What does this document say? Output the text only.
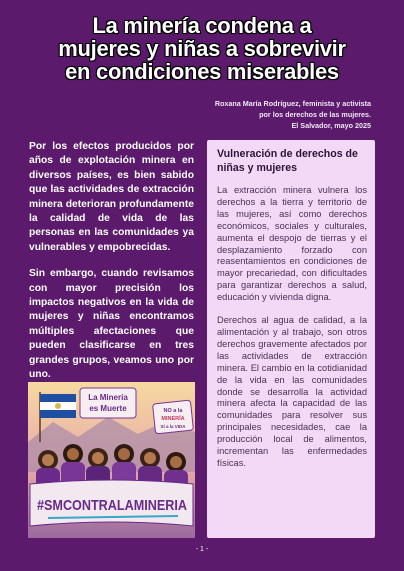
La minería condena a
mujeres y niñas a sobrevivir
en condiciones miserables
Roxana María Rodríguez, feminista y activista
por los derechos de las mujeres.
El Salvador, mayo 2025

Por los efectos producidos por años de explotación minera en diversos países, es bien sabido que las actividades de extracción minera deterioran profundamente la calidad de vida de las personas en las comunidades ya vulnerables y empobrecidas.

Sin embargo, cuando revisamos con mayor precisión los impactos negativos en la vida de mujeres y niñas encontramos múltiples afectaciones que pueden clasificarse en tres grandes grupos, veamos uno por uno.

La Minería
es Muerte	NO a la
MINERÍA
Sí a la VIDA
#SMCONTRALAMINERIA
Vulneración de derechos de niñas y mujeres

La extracción minera vulnera los derechos a la tierra y territorio de las mujeres, así como derechos económicos, sociales y culturales, aumenta el despojo de tierras y el desplazamiento forzado con reasentamientos en condiciones de mayor precariedad, con dificultades para garantizar derechos a salud, educación y vivienda digna.

Derechos al agua de calidad, a la alimentación y al trabajo, son otros derechos gravemente afectados por las actividades de extracción minera. El cambio en la cotidianidad de la vida en las comunidades donde se desarrolla la actividad minera afecta la capacidad de las comunidades para resolver sus principales necesidades, cae la producción local de alimentos, incrementan las enfermedades físicas.

- 1 -
